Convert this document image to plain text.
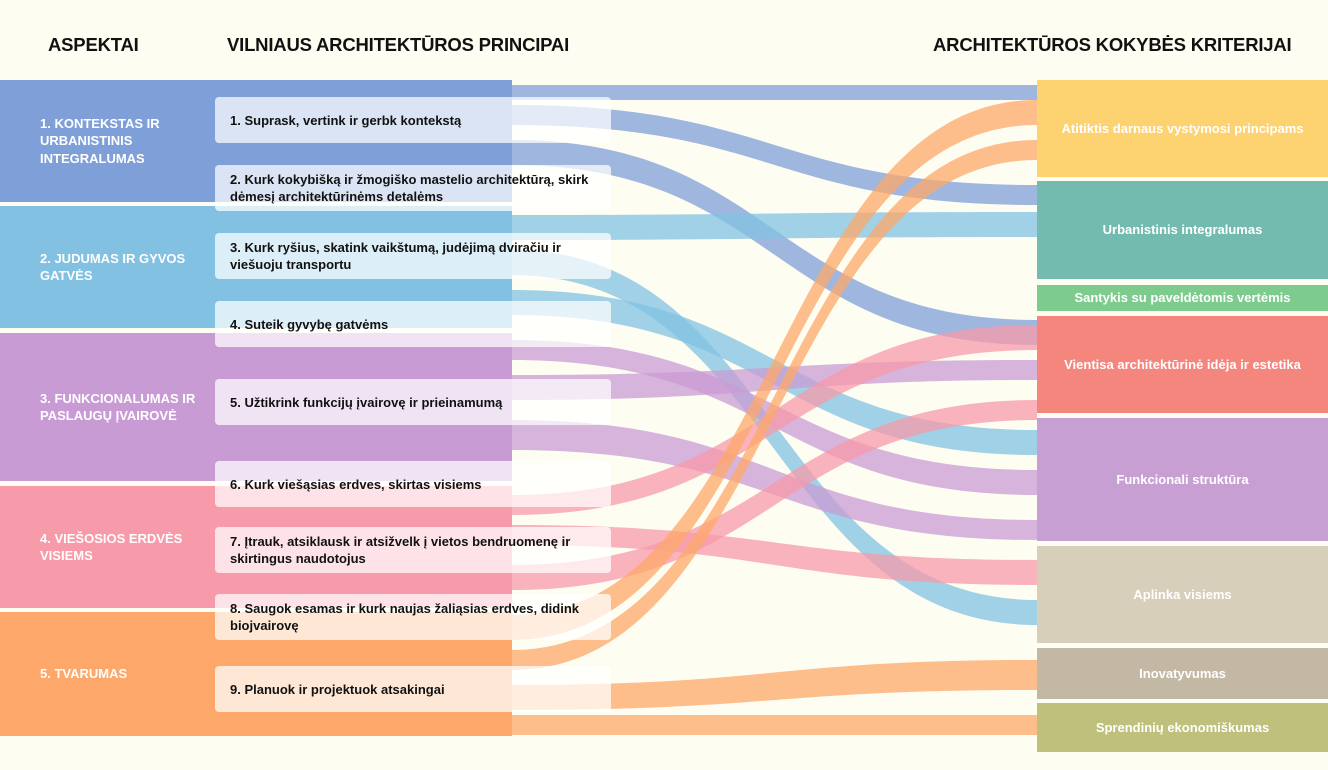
ASPEKTAI	VILNIAUS ARCHITEKTŪROS PRINCIPAI	ARCHITEKTŪROS KOKYBĖS KRITERIJAI
1. KONTEKSTAS IR URBANISTINIS INTEGRALUMAS
2. JUDUMAS IR GYVOS GATVĖS
3. FUNKCIONALUMAS IR PASLAUGŲ ĮVAIROVĖ
4. VIEŠOSIOS ERDVĖS VISIEMS
5. TVARUMAS
1. Suprask, vertink ir gerbk kontekstą
2. Kurk kokybišką ir žmogiško mastelio architektūrą, skirk dėmesį architektūrinėms detalėms
3. Kurk ryšius, skatink vaikštumą, judėjimą dviračiu ir viešuoju transportu
4. Suteik gyvybę gatvėms
5. Užtikrink funkcijų įvairovę ir prieinamumą
6. Kurk viešąsias erdves, skirtas visiems
7. Įtrauk, atsiklausk ir atsižvelk į vietos bendruomenę ir skirtingus naudotojus
8. Saugok esamas ir kurk naujas žaliąsias erdves, didink biojvairovę
9. Planuok ir projektuok atsakingai
Atitiktis darnaus vystymosi principams
Urbanistinis integralumas
Santykis su paveldėtomis vertėmis
Vientisa architektūrinė idėja ir estetika
Funkcionali struktūra
Aplinka visiems
Inovatyvumas
Sprendinių ekonomiškumas
